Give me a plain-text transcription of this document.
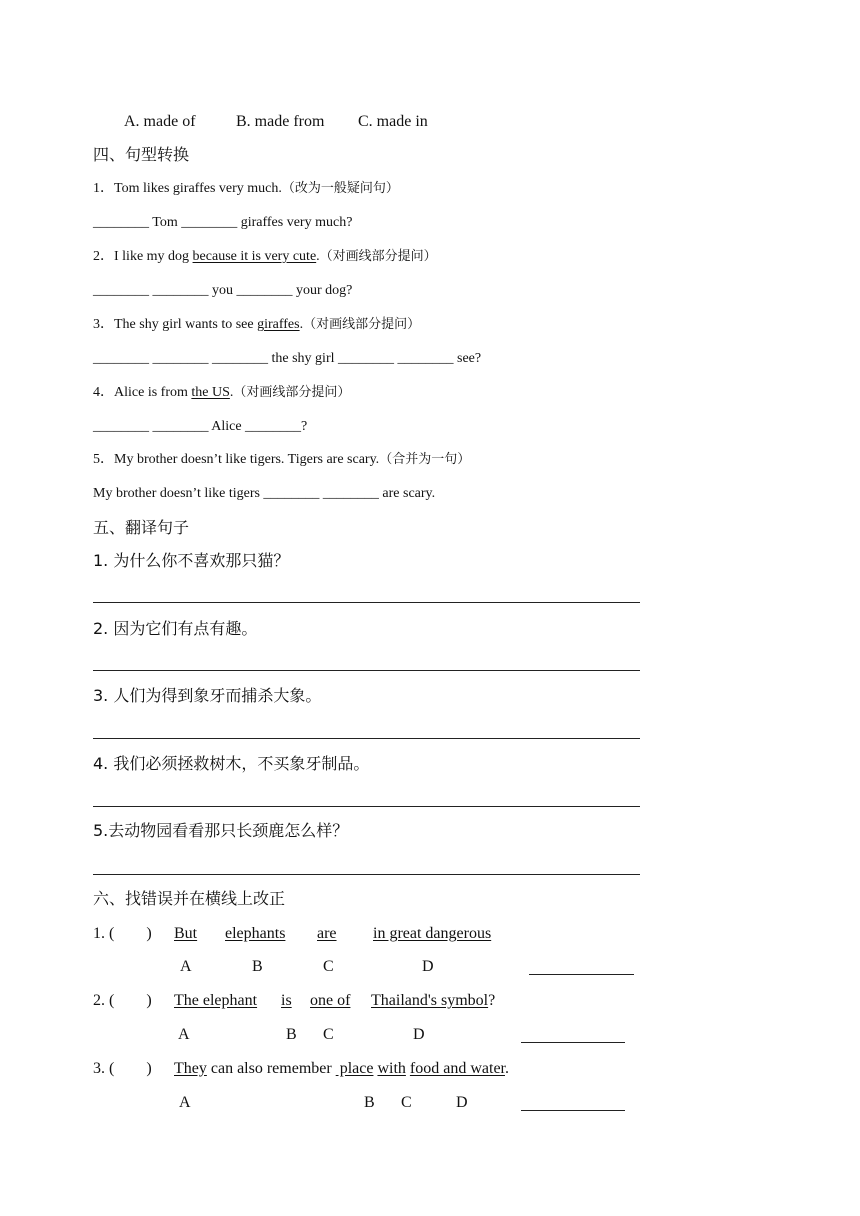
A. made of	B. made from C. made in
四、句型转换
1．Tom likes giraffes very much.（改为一般疑问句）
________ Tom ________ giraffes very much?
2．I like my dog because it is very cute.（对画线部分提问）
________ ________ you ________ your dog?
3．The shy girl wants to see giraffes.（对画线部分提问）
________ ________ ________ the shy girl ________ ________ see?
4．Alice is from the US.（对画线部分提问）
________ ________ Alice ________?
5．My brother doesn’t like tigers. Tigers are scary.（合并为一句）
My brother doesn’t like tigers ________ ________ are scary.
五、翻译句子
1. 为什么你不喜欢那只猫？
2. 因为它们有点有趣。
3. 人们为得到象牙而捕杀大象。
4. 我们必须拯救树木，不买象牙制品。
5.去动物园看看那只长颈鹿怎么样？
六、找错误并在横线上改正
1. (        ) But elephants are in great dangerous
A	B	C	D
2. (        ) The elephant is one of Thailand's symbol?
A	B C	D
3. (        ) They can also remember  place with food and water.
A	B C	D
